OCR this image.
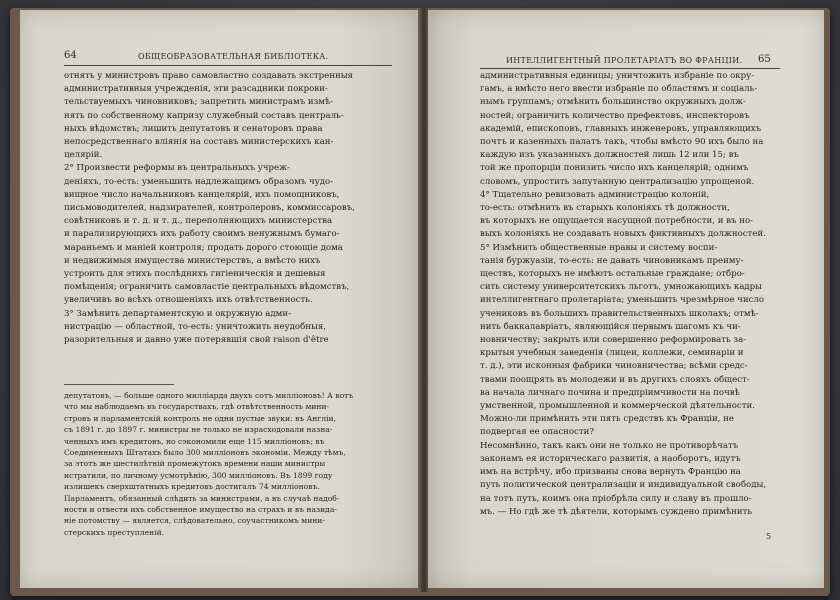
64	ОБЩЕОБРАЗОВАТЕЛЬНАЯ БИБЛІОТЕКА.
отнять у министровъ право самовластно создавать экстренныя
административныя учрежденія, эти разсадники покрови-
тельствуемыхъ чиновниковъ; запретить министрамъ измѣ-
нять по собственному капризу служебный составъ централь-
ныхъ вѣдомствъ; лишить депутатовъ и сенаторовъ права
непосредственнаго вліянія на составъ министерскихъ кан-
целярій.
2° Произвести реформы въ центральныхъ учреж-
деніяхъ, то-есть: уменьшить надлежащимъ образомъ чудо-
вищное число начальниковъ канцелярій, ихъ помощниковъ,
письмоводителей, надзирателей, контролеровъ, коммиссаровъ,
совѣтниковъ и т. д. и т. д., переполняющихъ министерства
и парализирующихъ ихъ работу своимъ ненужнымъ бумаго-
мараньемъ и маніей контроля; продать дорого стоющіе дома
и недвижимыя имущества министерствъ, а вмѣсто нихъ
устроить для этихъ послѣднихъ гигіеническія и дешевыя
помѣщенія; ограничить самовластіе центральныхъ вѣдомствъ,
увеличивъ во всѣхъ отношеніяхъ ихъ отвѣтственность.
3° Замѣнить департаментскую и окружную адми-
нистрацію — областной, то-есть: уничтожить неудобныя,
разорительныя и давно уже потерявшія свой raison d'être
депутатовъ, — больше одного милліарда двухъ сотъ милліоновъ! А вотъ
что мы наблюдаемъ въ государствахъ, гдѣ отвѣтственность мини-
стровъ и парламентскій контроль не одни пустые звуки: въ Англіи,
съ 1891 г. до 1897 г. министры не только не израсходовали назна-
ченныхъ имъ кредитовъ, но сэкономили еще 115 милліоновъ; въ
Соединенныхъ Штатахъ было 300 милліоновъ экономіи. Между тѣмъ,
за этотъ же шестилѣтній промежутокъ времени наши министры
истратили, по личному усмотрѣнію, 300 милліоновъ. Въ 1899 году
излишекъ сверхштатныхъ кредитовъ достигалъ 74 милліоновъ.
Парламентъ, обязанный слѣдить за министрами, а въ случаѣ надоб-
ности и отвести ихъ собственное имущество на страхъ и въ назида-
ніе потомству — является, слѣдовательно, соучастникомъ мини-
стерскихъ преступленій.
ИНТЕЛЛИГЕНТНЫЙ ПРОЛЕТАРІАТЪ ВО ФРАНЦІИ. 65
административныя единицы; уничтожить избраніе по окру-
гамъ, а вмѣсто него ввести избраніе по областямъ и соціаль-
нымъ группамъ; отмѣнить большинство окружныхъ долж-
ностей; ограничить количество префектовъ, инспекторовъ
академій, епископовъ, главныхъ инженеровъ, управляющихъ
почтъ и казенныхъ палатъ такъ, чтобы вмѣсто 90 ихъ было на
каждую изъ указанныхъ должностей лишь 12 или 15; въ
той же пропорціи понизить число ихъ канцелярій; однимъ
словомъ, упростить запутанную централизацію упрощеной.
4° Тщательно ревизовать администрацію колоній,
то-есть: отмѣнить въ старыхъ колоніяхъ тѣ должности,
въ которыхъ не ощущается насущной потребности, и въ но-
выхъ колоніяхъ не создавать новыхъ фиктивныхъ должностей.
5° Измѣнить общественные нравы и систему воспи-
танія буржуазіи, то-есть: не давать чиновникамъ преиму-
ществъ, которыхъ не имѣютъ остальные граждане; отбро-
сить систему университетскихъ льготъ, умножающихъ кадры
интеллигентнаго пролетаріата; уменьшить чрезмѣрное число
учениковъ въ большихъ правительственныхъ школахъ; отмѣ-
нить баккалавріатъ, являющійся первымъ шагомъ къ чи-
новничеству; закрыть или совершенно реформировать за-
крытыя учебныя заведенія (лицеи, коллежи, семинаріи и
т. д.), эти исконныя фабрики чиновничества; всѣми средс-
твами поощрять въ молодежи и въ другихъ слояхъ общест-
ва начала личнаго почина и предпріимчивости на почвѣ
умственной, промышленной и коммерческой дѣятельности.
Можно-ли примѣнить эти пять средствъ къ Франціи, не
подвергая ее опасности?
Несомнѣнно, такъ какъ они не только не противорѣчатъ
законамъ ея историческаго развитія, а наоборотъ, идутъ
имъ на встрѣчу, ибо призваны снова вернуть Францію на
путь политической централизаціи и индивидуальной свободы,
на тотъ путь, коимъ она пріобрѣла силу и славу въ прошло-
мъ. — Но гдѣ же тѣ дѣятели, которымъ суждено примѣнить
5
